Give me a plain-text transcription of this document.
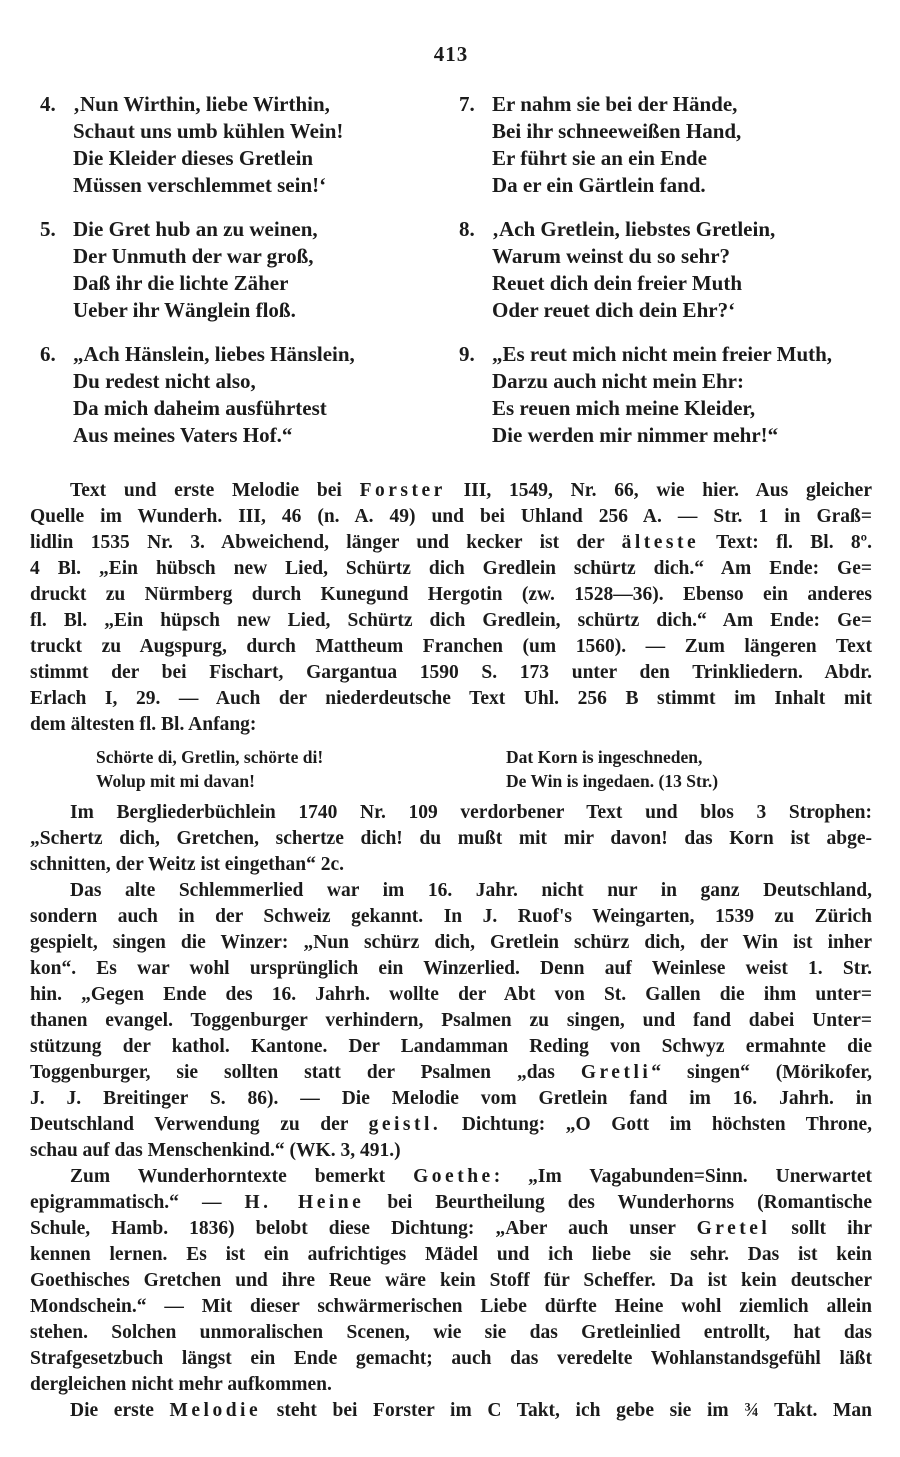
413
4. ‚Nun Wirthin, liebe Wirthin,
Schaut uns umb kühlen Wein!
Die Kleider dieses Gretlein
Müssen verschlemmet sein!‘
5. Die Gret hub an zu weinen,
Der Unmuth der war groß,
Daß ihr die lichte Zäher
Ueber ihr Wänglein floß.
6. „Ach Hänslein, liebes Hänslein,
Du redest nicht also,
Da mich daheim ausführtest
Aus meines Vaters Hof.“
7. Er nahm sie bei der Hände,
Bei ihr schneeweißen Hand,
Er führt sie an ein Ende
Da er ein Gärtlein fand.
8. ‚Ach Gretlein, liebstes Gretlein,
Warum weinst du so sehr?
Reuet dich dein freier Muth
Oder reuet dich dein Ehr?‘
9. „Es reut mich nicht mein freier Muth,
Darzu auch nicht mein Ehr:
Es reuen mich meine Kleider,
Die werden mir nimmer mehr!“
Text und erste Melodie bei Forster III, 1549, Nr. 66, wie hier. Aus gleicher
Quelle im Wunderh. III, 46 (n. A. 49) und bei Uhland 256 A. — Str. 1 in Graß=
lidlin 1535 Nr. 3. Abweichend, länger und kecker ist der älteste Text: fl. Bl. 8º.
4 Bl. „Ein hübsch new Lied, Schürtz dich Gredlein schürtz dich.“ Am Ende: Ge=
druckt zu Nürmberg durch Kunegund Hergotin (zw. 1528—36). Ebenso ein anderes
fl. Bl. „Ein hüpsch new Lied, Schürtz dich Gredlein, schürtz dich.“ Am Ende: Ge=
truckt zu Augspurg, durch Mattheum Franchen (um 1560). — Zum längeren Text
stimmt der bei Fischart, Gargantua 1590 S. 173 unter den Trinkliedern. Abdr.
Erlach I, 29. — Auch der niederdeutsche Text Uhl. 256 B stimmt im Inhalt mit
dem ältesten fl. Bl. Anfang:
Schörte di, Gretlin, schörte di!
Wolup mit mi davan!
Dat Korn is ingeschneden,
De Win is ingedaen. (13 Str.)
Im Bergliederbüchlein 1740 Nr. 109 verdorbener Text und blos 3 Strophen:
„Schertz dich, Gretchen, schertze dich! du mußt mit mir davon! das Korn ist abge-
schnitten, der Weitz ist eingethan“ 2c.
Das alte Schlemmerlied war im 16. Jahr. nicht nur in ganz Deutschland,
sondern auch in der Schweiz gekannt. In J. Ruof's Weingarten, 1539 zu Zürich
gespielt, singen die Winzer: „Nun schürz dich, Gretlein schürz dich, der Win ist inher
kon“. Es war wohl ursprünglich ein Winzerlied. Denn auf Weinlese weist 1. Str.
hin. „Gegen Ende des 16. Jahrh. wollte der Abt von St. Gallen die ihm unter=
thanen evangel. Toggenburger verhindern, Psalmen zu singen, und fand dabei Unter=
stützung der kathol. Kantone. Der Landamman Reding von Schwyz ermahnte die
Toggenburger, sie sollten statt der Psalmen „das Gretli“ singen“ (Mörikofer,
J. J. Breitinger S. 86). — Die Melodie vom Gretlein fand im 16. Jahrh. in
Deutschland Verwendung zu der geistl. Dichtung: „O Gott im höchsten Throne,
schau auf das Menschenkind.“ (WK. 3, 491.)
Zum Wunderhorntexte bemerkt Goethe: „Im Vagabunden=Sinn. Unerwartet
epigrammatisch.“ — H. Heine bei Beurtheilung des Wunderhorns (Romantische
Schule, Hamb. 1836) belobt diese Dichtung: „Aber auch unser Gretel sollt ihr
kennen lernen. Es ist ein aufrichtiges Mädel und ich liebe sie sehr. Das ist kein
Goethisches Gretchen und ihre Reue wäre kein Stoff für Scheffer. Da ist kein deutscher
Mondschein.“ — Mit dieser schwärmerischen Liebe dürfte Heine wohl ziemlich allein
stehen. Solchen unmoralischen Scenen, wie sie das Gretleinlied entrollt, hat das
Strafgesetzbuch längst ein Ende gemacht; auch das veredelte Wohlanstandsgefühl läßt
dergleichen nicht mehr aufkommen.
Die erste Melodie steht bei Forster im C Takt, ich gebe sie im ¾ Takt. Man
